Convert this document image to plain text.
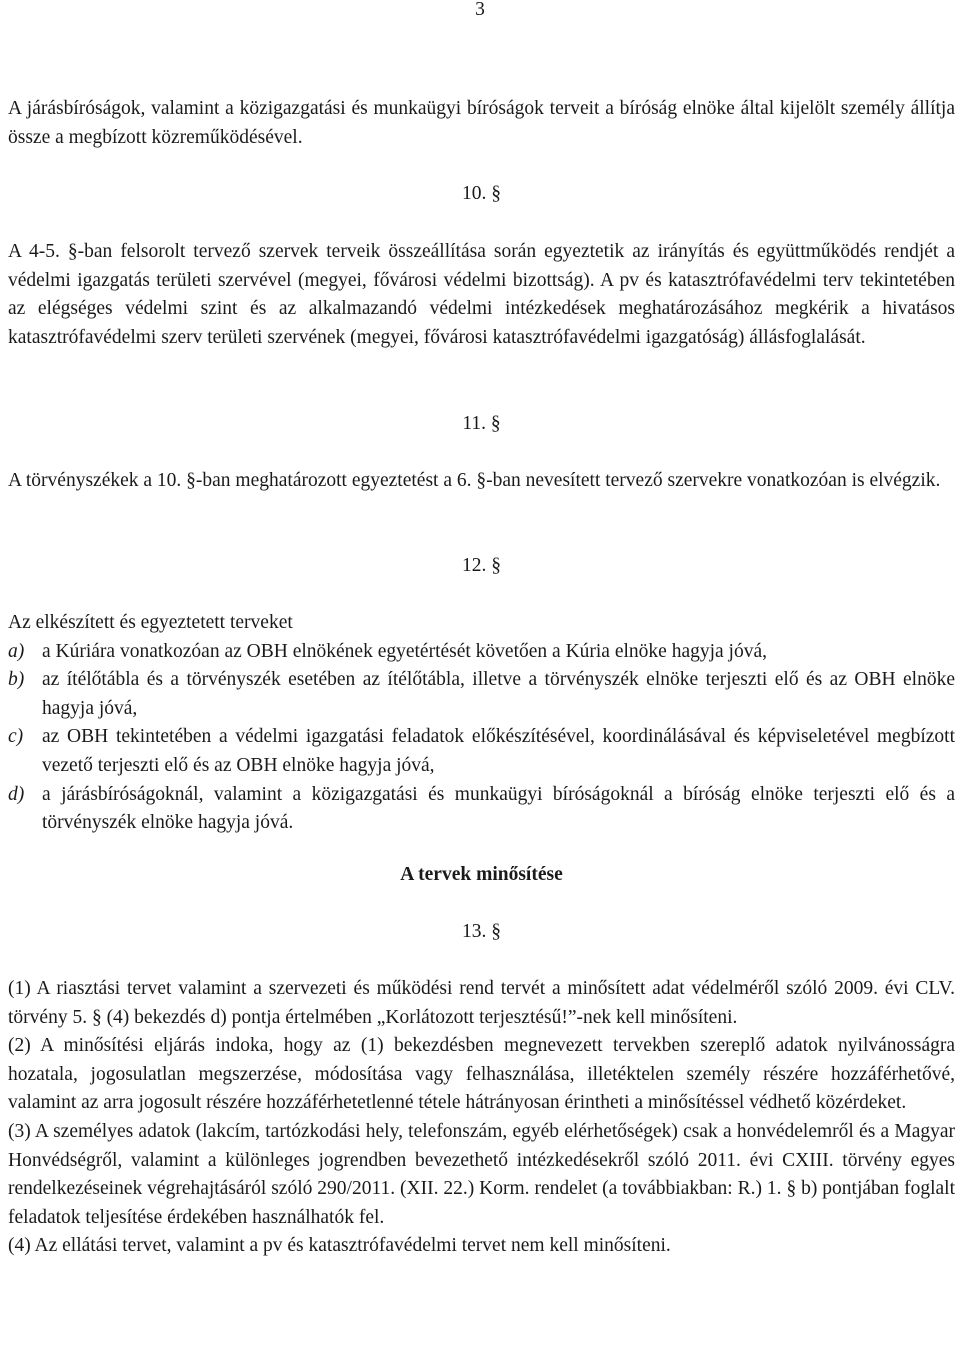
3

A járásbíróságok, valamint a közigazgatási és munkaügyi bíróságok terveit a bíróság elnöke által kijelölt személy állítja össze a megbízott közreműködésével.

10. §

A 4-5. §-ban felsorolt tervező szervek terveik összeállítása során egyeztetik az irányítás és együttműködés rendjét a védelmi igazgatás területi szervével (megyei, fővárosi védelmi bizottság). A pv és katasztrófavédelmi terv tekintetében az elégséges védelmi szint és az alkalmazandó védelmi intézkedések meghatározásához megkérik a hivatásos katasztrófavédelmi szerv területi szervének (megyei, fővárosi katasztrófavédelmi igazgatóság) állásfoglalását.

11. §

A törvényszékek a 10. §-ban meghatározott egyeztetést a 6. §-ban nevesített tervező szervekre vonatkozóan is elvégzik.

12. §

Az elkészített és egyeztetett terveket

a) a Kúriára vonatkozóan az OBH elnökének egyetértését követően a Kúria elnöke hagyja jóvá,
b) az ítélőtábla és a törvényszék esetében az ítélőtábla, illetve a törvényszék elnöke terjeszti elő és az OBH elnöke hagyja jóvá,
c) az OBH tekintetében a védelmi igazgatási feladatok előkészítésével, koordinálásával és képviseletével megbízott vezető terjeszti elő és az OBH elnöke hagyja jóvá,
d) a járásbíróságoknál, valamint a közigazgatási és munkaügyi bíróságoknál a bíróság elnöke terjeszti elő és a törvényszék elnöke hagyja jóvá.
A tervek minősítése
13. §

(1) A riasztási tervet valamint a szervezeti és működési rend tervét a minősített adat védelméről szóló 2009. évi CLV. törvény 5. § (4) bekezdés d) pontja értelmében „Korlátozott terjesztésű!”-nek kell minősíteni.

(2) A minősítési eljárás indoka, hogy az (1) bekezdésben megnevezett tervekben szereplő adatok nyilvánosságra hozatala, jogosulatlan megszerzése, módosítása vagy felhasználása, illetéktelen személy részére hozzáférhetővé, valamint az arra jogosult részére hozzáférhetetlenné tétele hátrányosan érintheti a minősítéssel védhető közérdeket.

(3) A személyes adatok (lakcím, tartózkodási hely, telefonszám, egyéb elérhetőségek) csak a honvédelemről és a Magyar Honvédségről, valamint a különleges jogrendben bevezethető intézkedésekről szóló 2011. évi CXIII. törvény egyes rendelkezéseinek végrehajtásáról szóló 290/2011. (XII. 22.) Korm. rendelet (a továbbiakban: R.) 1. § b) pontjában foglalt feladatok teljesítése érdekében használhatók fel.

(4) Az ellátási tervet, valamint a pv és katasztrófavédelmi tervet nem kell minősíteni.
